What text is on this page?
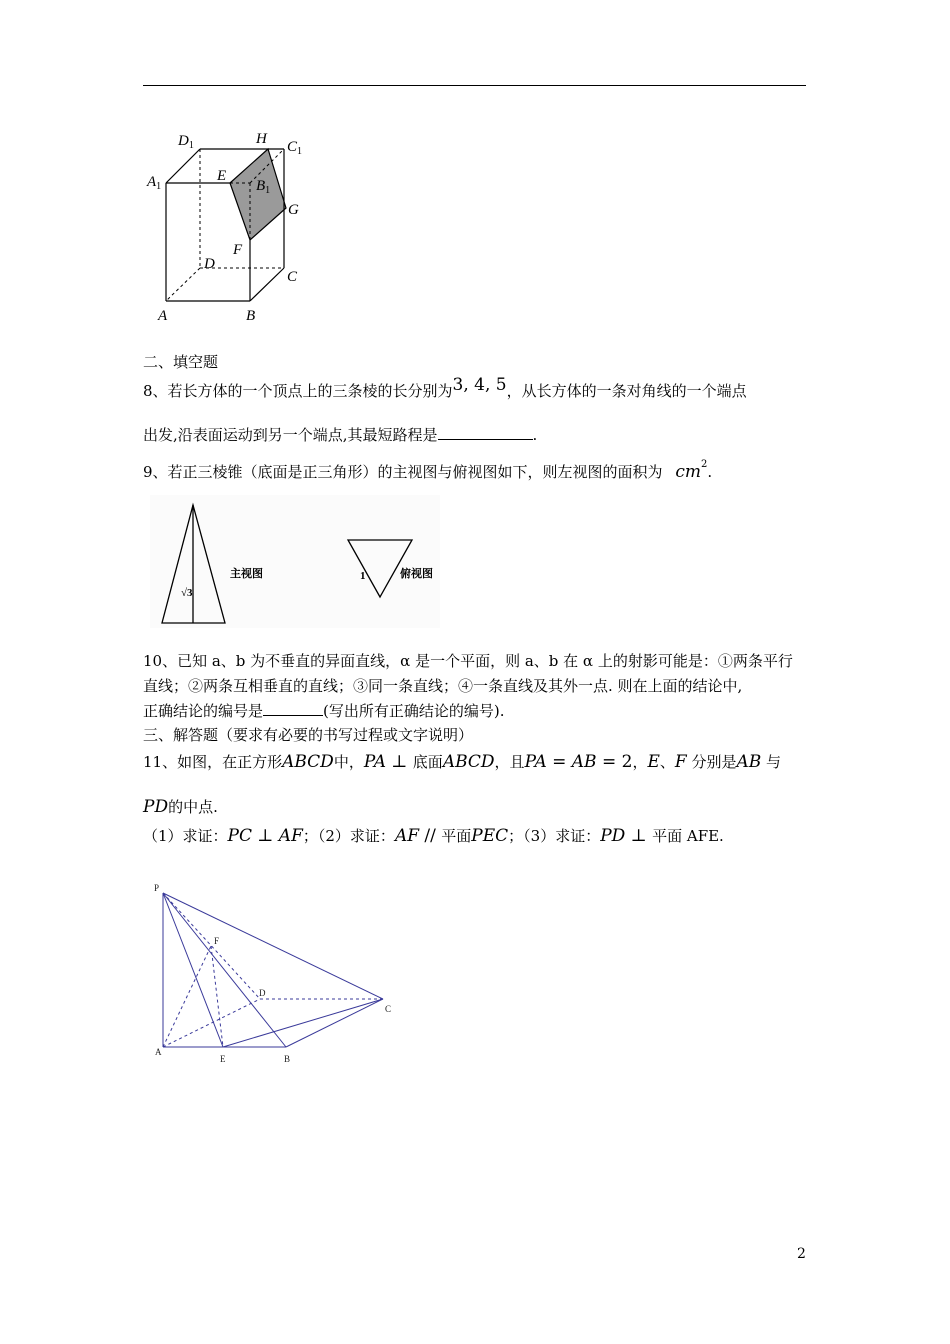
$D_1$	H $C_1$
$A_1$
E
$B_1$
G
F
D
C
A	B
二、填空题
8、若长方体的一个顶点上的三条棱的长分别为3, 4, 5，从长方体的一条对角线的一个端点
出发,沿表面运动到另一个端点,其最短路程是	.
9、若正三棱锥（底面是正三角形）的主视图与俯视图如下，则左视图的面积为 $cm^2$.
主视图
√3
1	俯视图
10、已知 a、b 为不垂直的异面直线，α 是一个平面，则 a、b 在 α 上的射影可能是：①两条平行
直线；②两条互相垂直的直线；③同一条直线；④一条直线及其外一点. 则在上面的结论中,
正确结论的编号是	(写出所有正确结论的编号).
三、解答题（要求有必要的书写过程或文字说明）
11、如图，在正方形ABCD中，PA ⊥ 底面ABCD，且PA = AB = 2，E、F 分别是AB 与
PD的中点.
（1）求证：PC ⊥ AF；（2）求证：AF // 平面PEC；（3）求证：PD ⊥ 平面 AFE.
P
F
D
C
A
E	B
2
